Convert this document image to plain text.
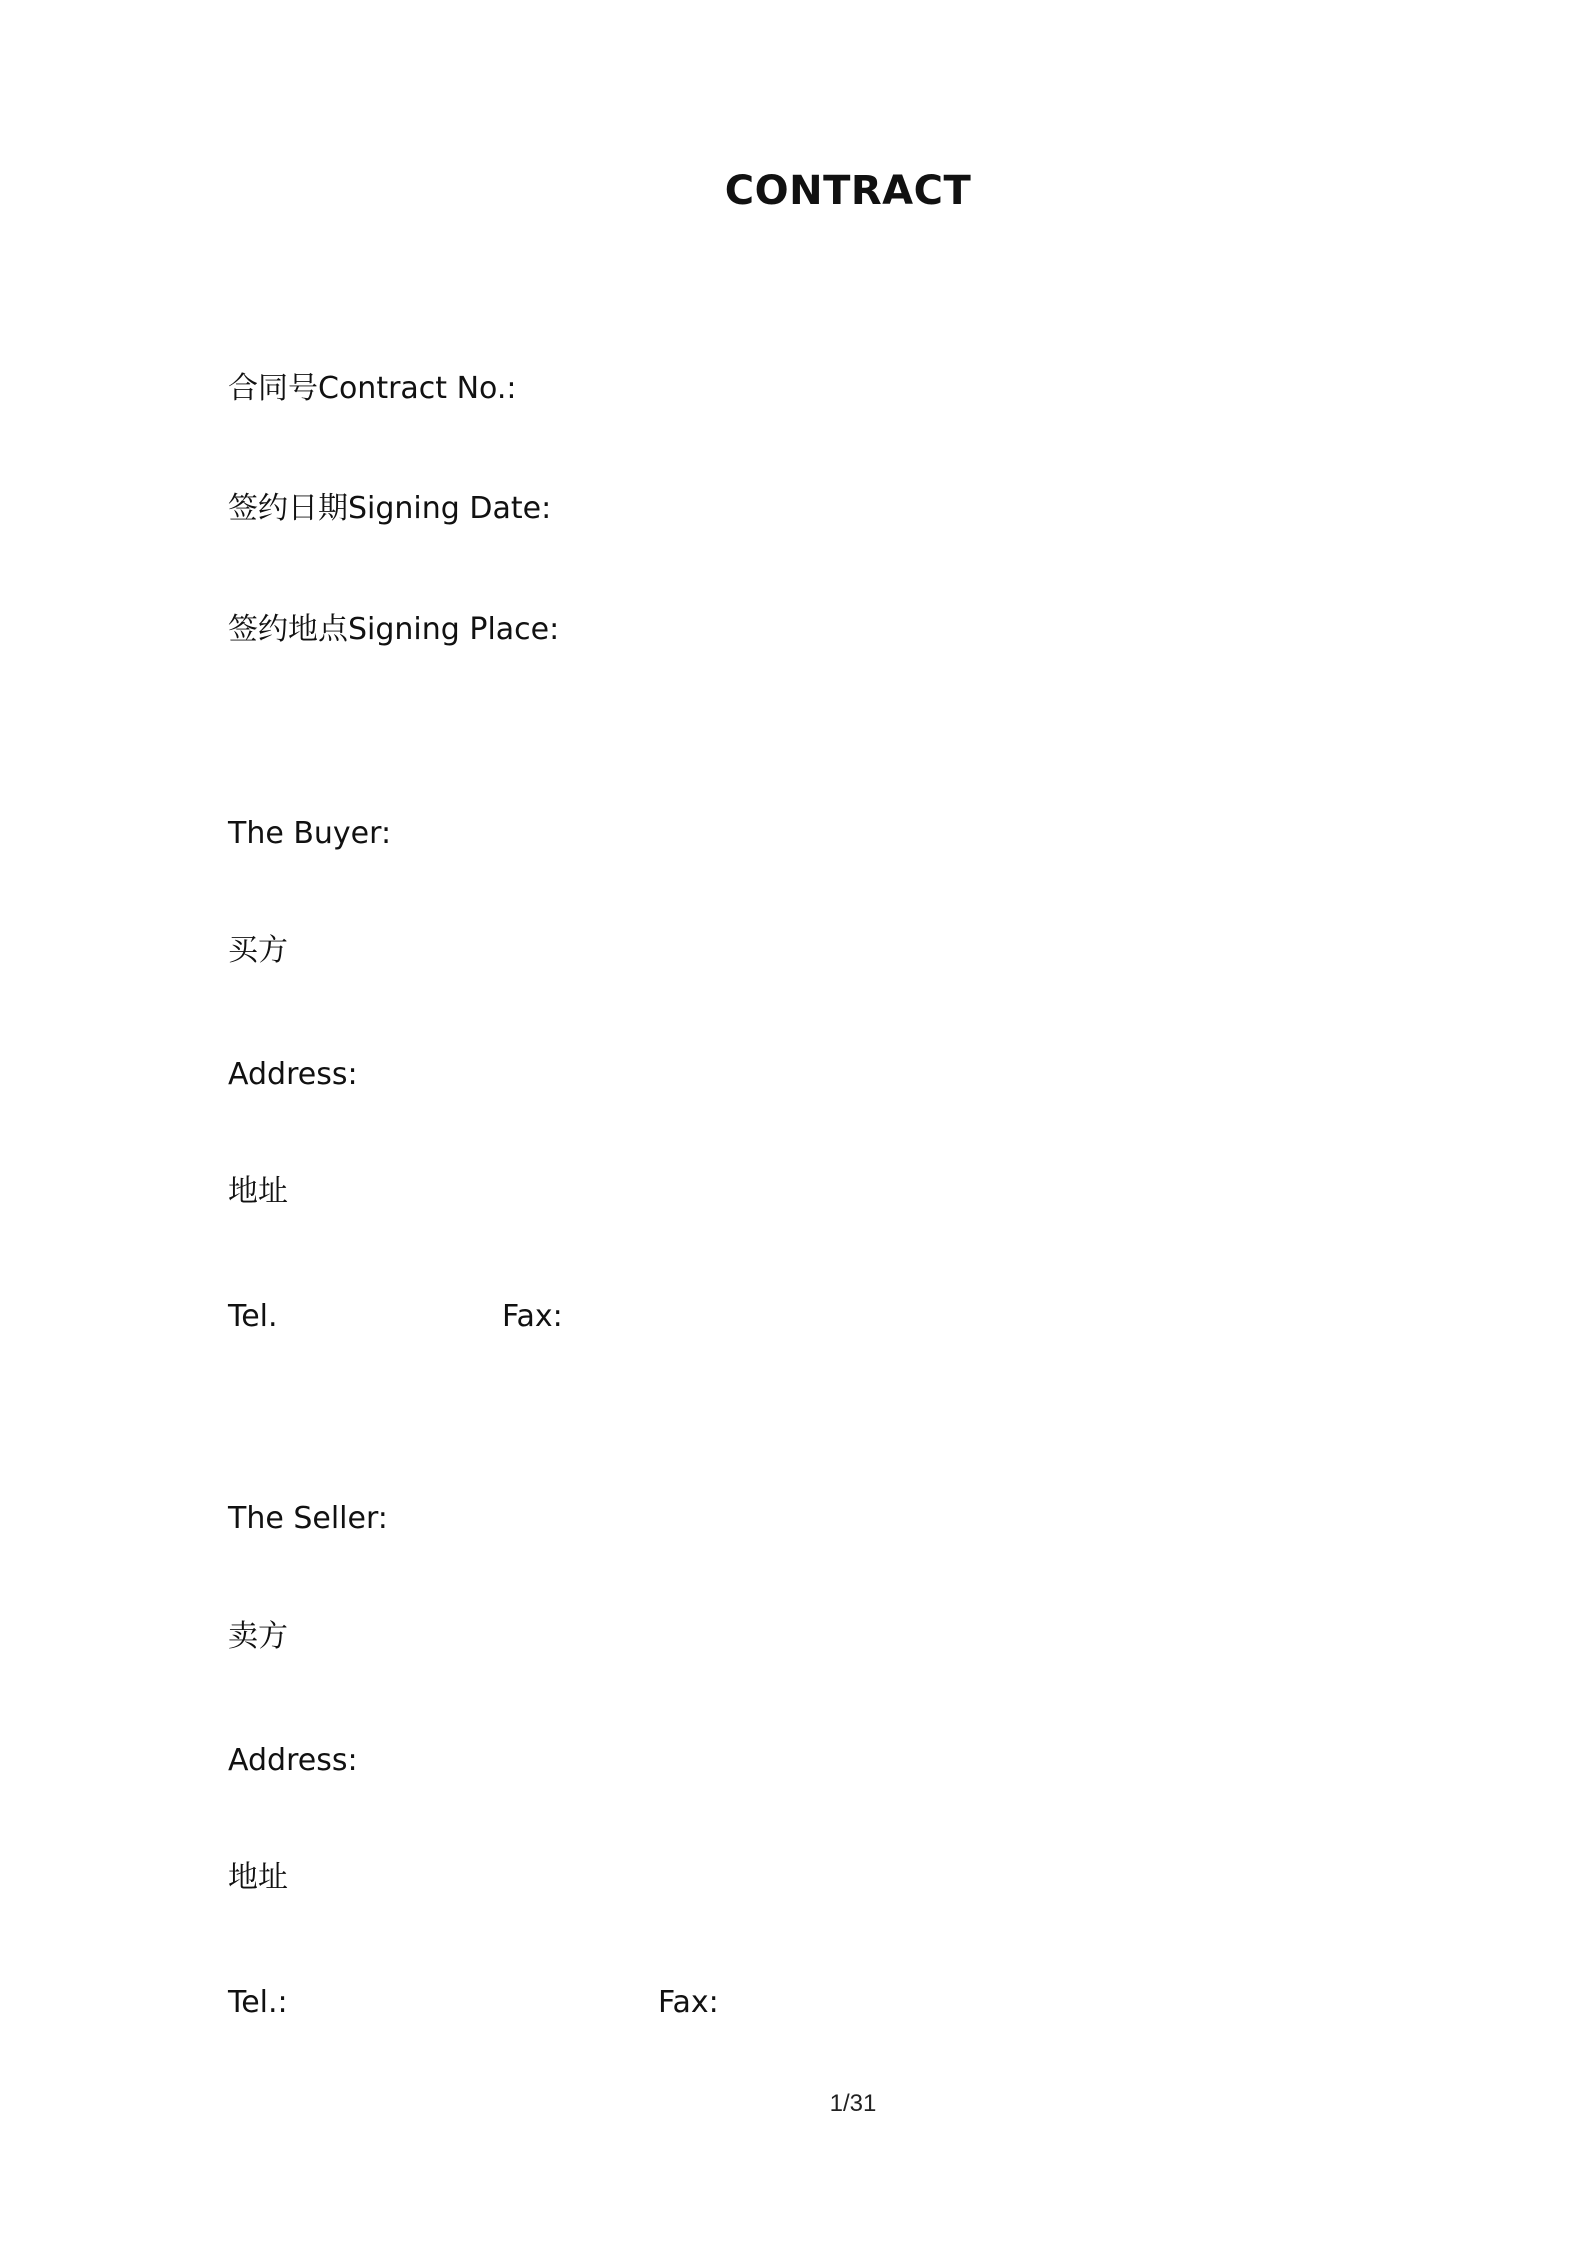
CONTRACT
合同号Contract No.:
签约日期Signing Date:
签约地点Signing Place:
The Buyer:
买方
Address:
地址
Tel.	Fax:
The Seller:
卖方
Address:
地址
Tel.:	Fax:
1/31
